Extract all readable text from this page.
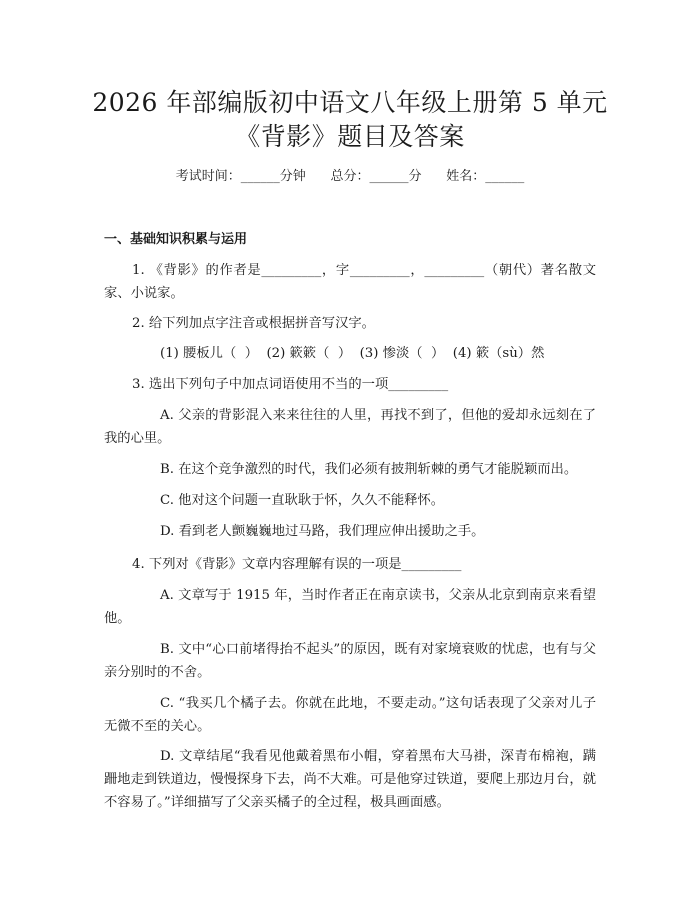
2026 年部编版初中语文八年级上册第 5 单元
《背影》题目及答案
考试时间：______分钟      总分：______分      姓名：______
一、基础知识积累与运用
1. 《背影》的作者是_________，字_________，_________（朝代）著名散文家、小说家。
2. 给下列加点字注音或根据拼音写汉字。
(1) 腰板儿（  ）  (2) 簌簌（  ）  (3) 惨淡（  ）  (4) 簌（sù）然
3. 选出下列句子中加点词语使用不当的一项_________
A. 父亲的背影混入来来往往的人里，再找不到了，但他的爱却永远刻在了我的心里。
B. 在这个竞争激烈的时代，我们必须有披荆斩棘的勇气才能脱颖而出。
C. 他对这个问题一直耿耿于怀，久久不能释怀。
D. 看到老人颤巍巍地过马路，我们理应伸出援助之手。
4. 下列对《背影》文章内容理解有误的一项是_________
A. 文章写于 1915 年，当时作者正在南京读书，父亲从北京到南京来看望他。
B. 文中“心口前堵得抬不起头”的原因，既有对家境衰败的忧虑，也有与父亲分别时的不舍。
C. “我买几个橘子去。你就在此地，不要走动。”这句话表现了父亲对儿子无微不至的关心。
D. 文章结尾“我看见他戴着黑布小帽，穿着黑布大马褂，深青布棉袍，蹒跚地走到铁道边，慢慢探身下去，尚不大难。可是他穿过铁道，要爬上那边月台，就不容易了。”详细描写了父亲买橘子的全过程，极具画面感。
